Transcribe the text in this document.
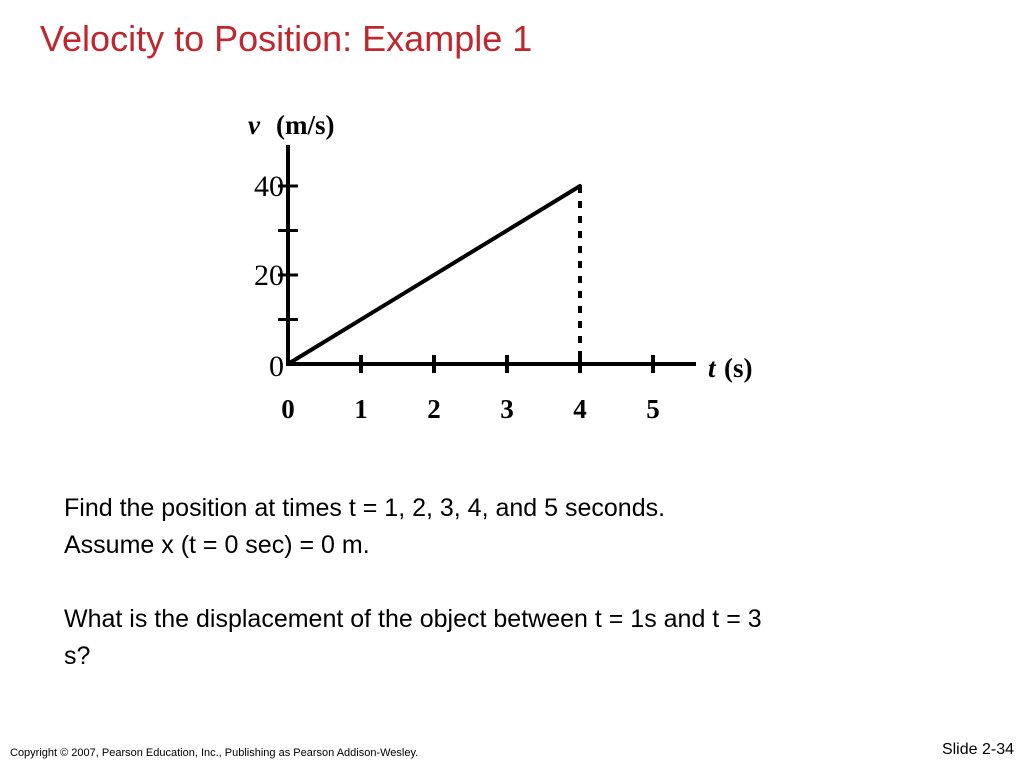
Velocity to Position: Example 1
0 1 2 3 4 5
0
20
40
v (m/s)
t (s)

Find the position at times t = 1, 2, 3, 4, and 5 seconds.

Assume x (t = 0 sec) = 0 m.

What is the displacement of the object between t = 1s and t = 3

s?

Copyright © 2007, Pearson Education, Inc., Publishing as Pearson Addison-Wesley.	Slide 2-34
